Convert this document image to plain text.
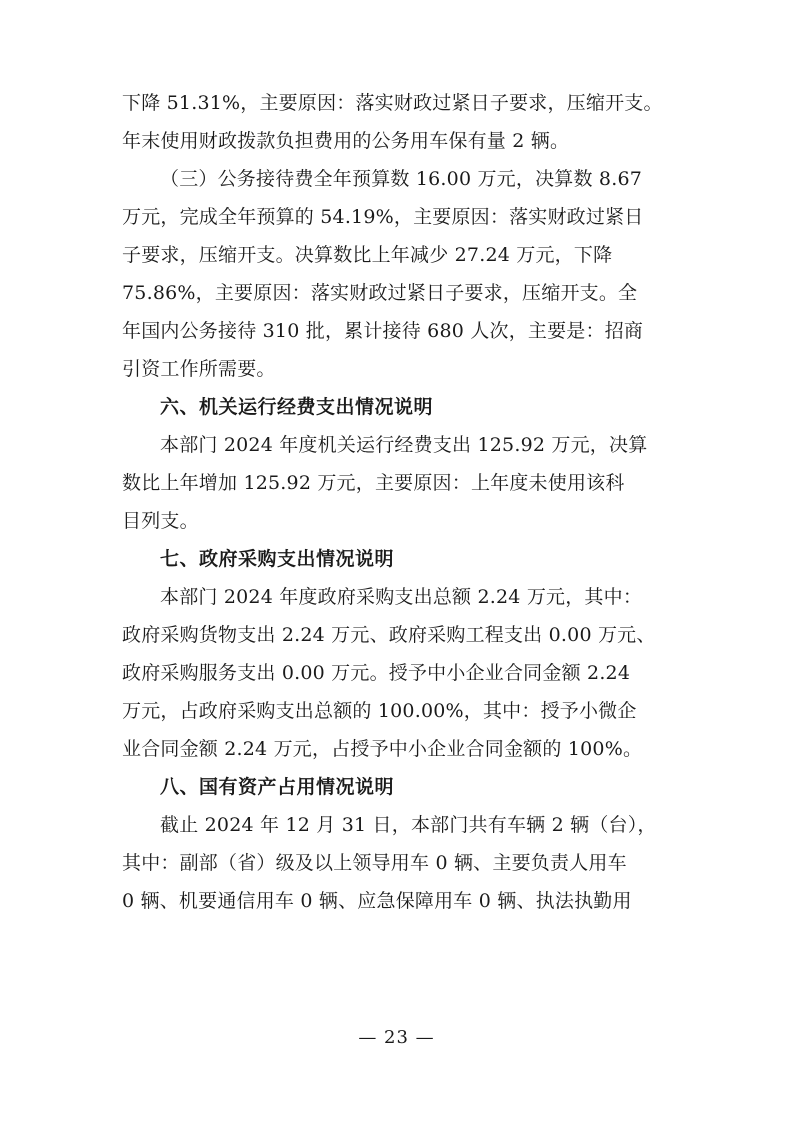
下降 51.31%，主要原因：落实财政过紧日子要求，压缩开支。
年末使用财政拨款负担费用的公务用车保有量 2 辆。
（三）公务接待费全年预算数 16.00 万元，决算数 8.67
万元，完成全年预算的 54.19%，主要原因：落实财政过紧日
子要求，压缩开支。决算数比上年减少 27.24 万元，下降
75.86%，主要原因：落实财政过紧日子要求，压缩开支。全
年国内公务接待 310 批，累计接待 680 人次，主要是：招商
引资工作所需要。
六、机关运行经费支出情况说明
本部门 2024 年度机关运行经费支出 125.92 万元，决算
数比上年增加 125.92 万元，主要原因：上年度未使用该科
目列支。
七、政府采购支出情况说明
本部门 2024 年度政府采购支出总额 2.24 万元，其中：
政府采购货物支出 2.24 万元、政府采购工程支出 0.00 万元、
政府采购服务支出 0.00 万元。授予中小企业合同金额 2.24
万元，占政府采购支出总额的 100.00%，其中：授予小微企
业合同金额 2.24 万元，占授予中小企业合同金额的 100%。
八、国有资产占用情况说明
截止 2024 年 12 月 31 日，本部门共有车辆 2 辆（台），
其中：副部（省）级及以上领导用车 0 辆、主要负责人用车
0 辆、机要通信用车 0 辆、应急保障用车 0 辆、执法执勤用
— 23 —
